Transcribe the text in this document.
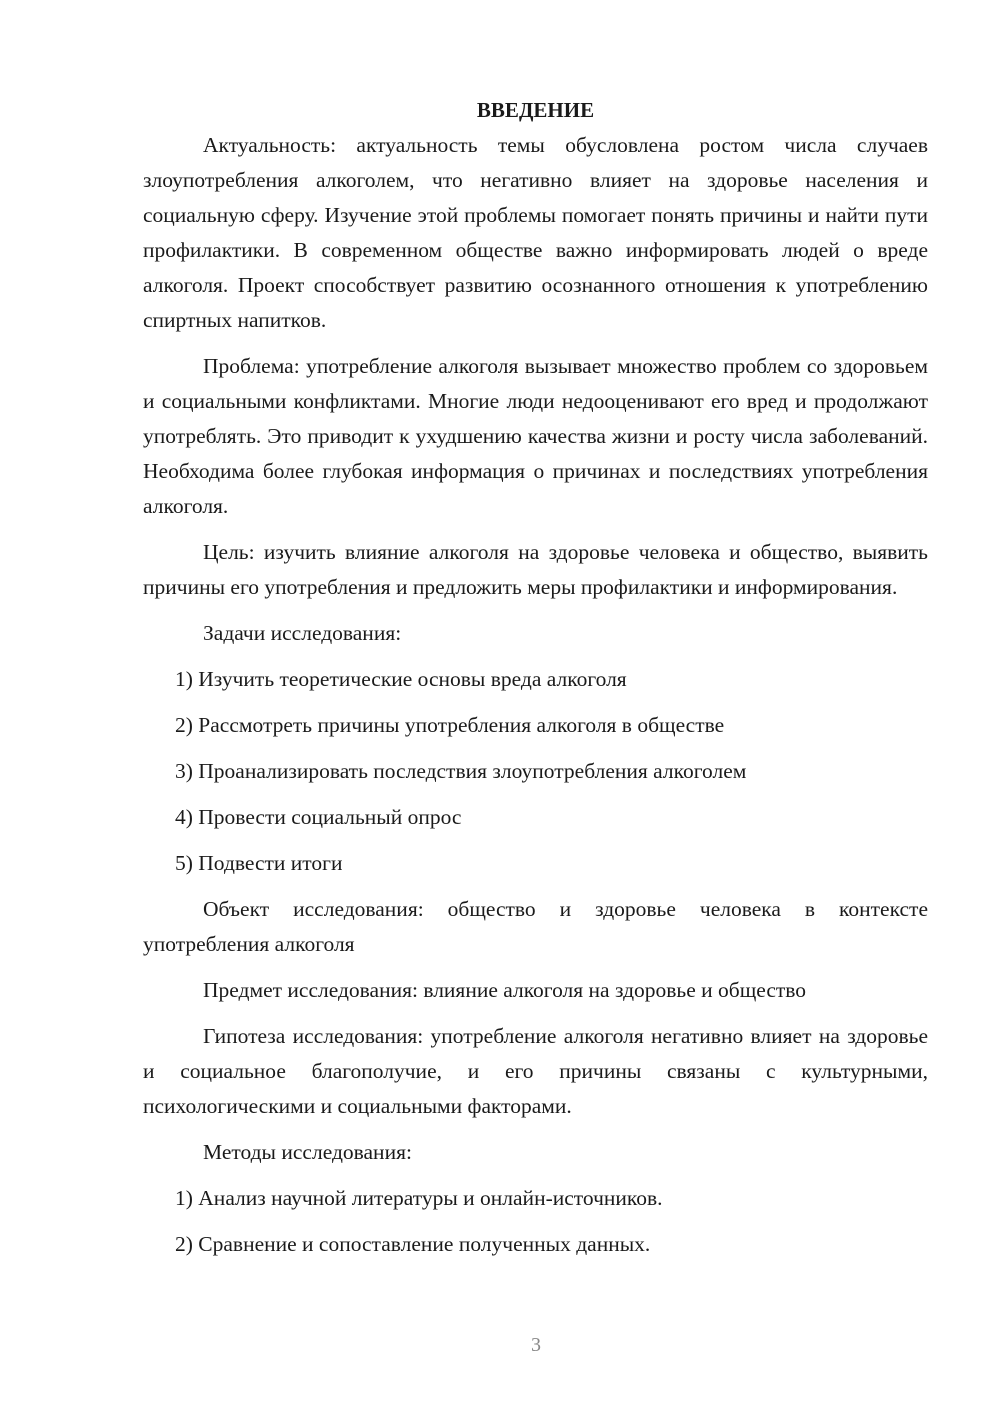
ВВЕДЕНИЕ

Актуальность: актуальность темы обусловлена ростом числа случаев злоупотребления алкоголем, что негативно влияет на здоровье населения и социальную сферу. Изучение этой проблемы помогает понять причины и найти пути профилактики. В современном обществе важно информировать людей о вреде алкоголя. Проект способствует развитию осознанного отношения к употреблению спиртных напитков.

Проблема: употребление алкоголя вызывает множество проблем со здоровьем и социальными конфликтами. Многие люди недооценивают его вред и продолжают употреблять. Это приводит к ухудшению качества жизни и росту числа заболеваний. Необходима более глубокая информация о причинах и последствиях употребления алкоголя.

Цель: изучить влияние алкоголя на здоровье человека и общество, выявить причины его употребления и предложить меры профилактики и информирования.

Задачи исследования:

1) Изучить теоретические основы вреда алкоголя

2) Рассмотреть причины употребления алкоголя в обществе

3) Проанализировать последствия злоупотребления алкоголем

4) Провести социальный опрос

5) Подвести итоги

Объект исследования: общество и здоровье человека в контексте употребления алкоголя

Предмет исследования: влияние алкоголя на здоровье и общество

Гипотеза исследования: употребление алкоголя негативно влияет на здоровье и социальное благополучие, и его причины связаны с культурными, психологическими и социальными факторами.

Методы исследования:

1) Анализ научной литературы и онлайн-источников.

2) Сравнение и сопоставление полученных данных.

3
